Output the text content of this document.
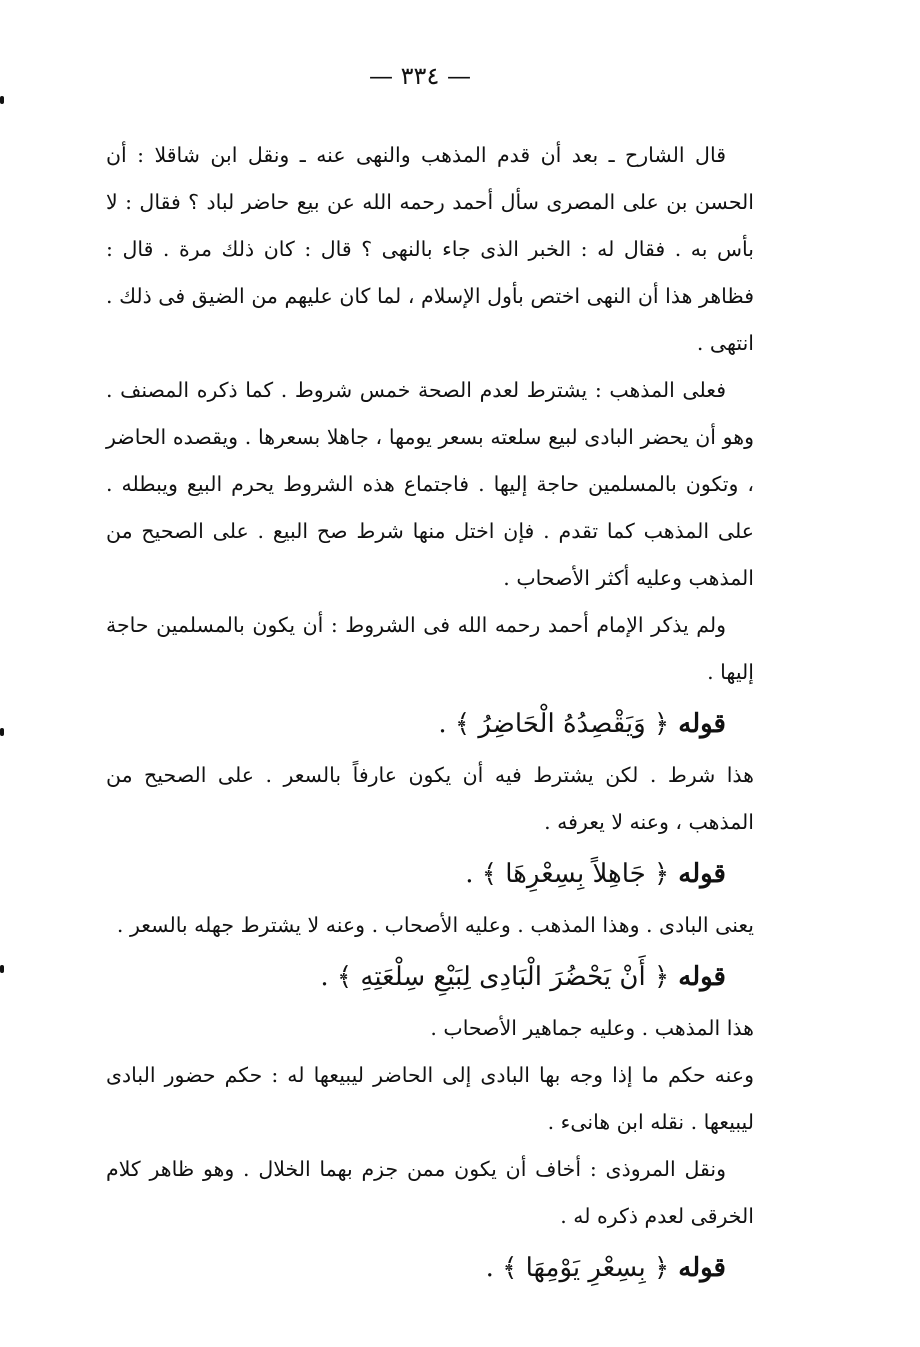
— ٣٣٤ —

قال الشارح ـ بعد أن قدم المذهب والنهى عنه ـ ونقل ابن شاقلا : أن الحسن بن على المصرى سأل أحمد رحمه الله عن بيع حاضر لباد ؟ فقال : لا بأس به . فقال له : الخبر الذى جاء بالنهى ؟ قال : كان ذلك مرة . قال : فظاهر هذا أن النهى اختص بأول الإسلام ، لما كان عليهم من الضيق فى ذلك . انتهى .

فعلى المذهب : يشترط لعدم الصحة خمس شروط . كما ذكره المصنف . وهو أن يحضر البادى لبيع سلعته بسعر يومها ، جاهلا بسعرها . ويقصده الحاضر ، وتكون بالمسلمين حاجة إليها . فاجتماع هذه الشروط يحرم البيع ويبطله . على المذهب كما تقدم . فإن اختل منها شرط صح البيع . على الصحيح من المذهب وعليه أكثر الأصحاب .

ولم يذكر الإمام أحمد رحمه الله فى الشروط : أن يكون بالمسلمين حاجة إليها .

قوله ﴿ وَيَقْصِدُهُ الْحَاضِرُ ﴾ .

هذا شرط . لكن يشترط فيه أن يكون عارفاً بالسعر . على الصحيح من المذهب ، وعنه لا يعرفه .

قوله ﴿ جَاهِلاً بِسِعْرِهَا ﴾ .

يعنى البادى . وهذا المذهب . وعليه الأصحاب . وعنه لا يشترط جهله بالسعر .

قوله ﴿ أَنْ يَحْضُرَ الْبَادِى لِبَيْعِ سِلْعَتِهِ ﴾ .

هذا المذهب . وعليه جماهير الأصحاب .

وعنه حكم ما إذا وجه بها البادى إلى الحاضر ليبيعها له : حكم حضور البادى ليبيعها . نقله ابن هانىء .

ونقل المروذى : أخاف أن يكون ممن جزم بهما الخلال . وهو ظاهر كلام الخرقى لعدم ذكره له .

قوله ﴿ بِسِعْرِ يَوْمِهَا ﴾ .
